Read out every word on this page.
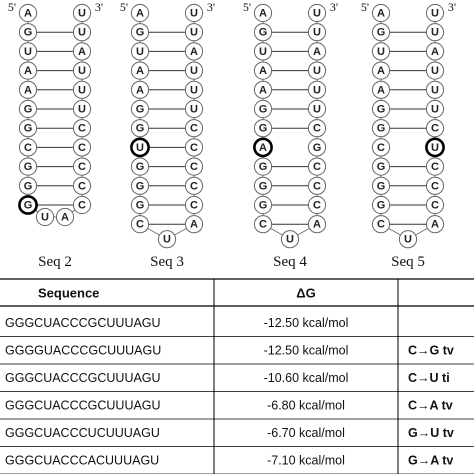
5'	3'
A
G
U
A
A
G
G
C
G
G
G
U
U
A
U
U
U
C
C
C
C
C
U A
Seq 2
5'	3'
A
G
U
A
A
G
G
U
G
G
G
C
U
U
A
U
U
U
C
C
C
C
C
A
U
Seq 3
5'	3'
A
G
U
A
A
G
G
A
G
G
G
C
U
U
A
U
U
U
C
G
C
C
C
A
U
Seq 4
5'	3'
A
G
U
A
A
G
G
C
G
G
G
C
U
U
A
U
U
U
C
U
C
C
C
A
U
Seq 5
Sequence	ΔG
GGGCUACCCGCUUUAGU	-12.50 kcal/mol
GGGGUACCCGCUUUAGU	-12.50 kcal/mol	C→G tv
GGGCUACCCGCUUUAGU	-10.60 kcal/mol	C→U ti
GGGCUACCCGCUUUAGU	-6.80 kcal/mol	C→A tv
GGGCUACCCUCUUUAGU	-6.70 kcal/mol	G→U tv
GGGCUACCCACUUUAGU	-7.10 kcal/mol	G→A tv
